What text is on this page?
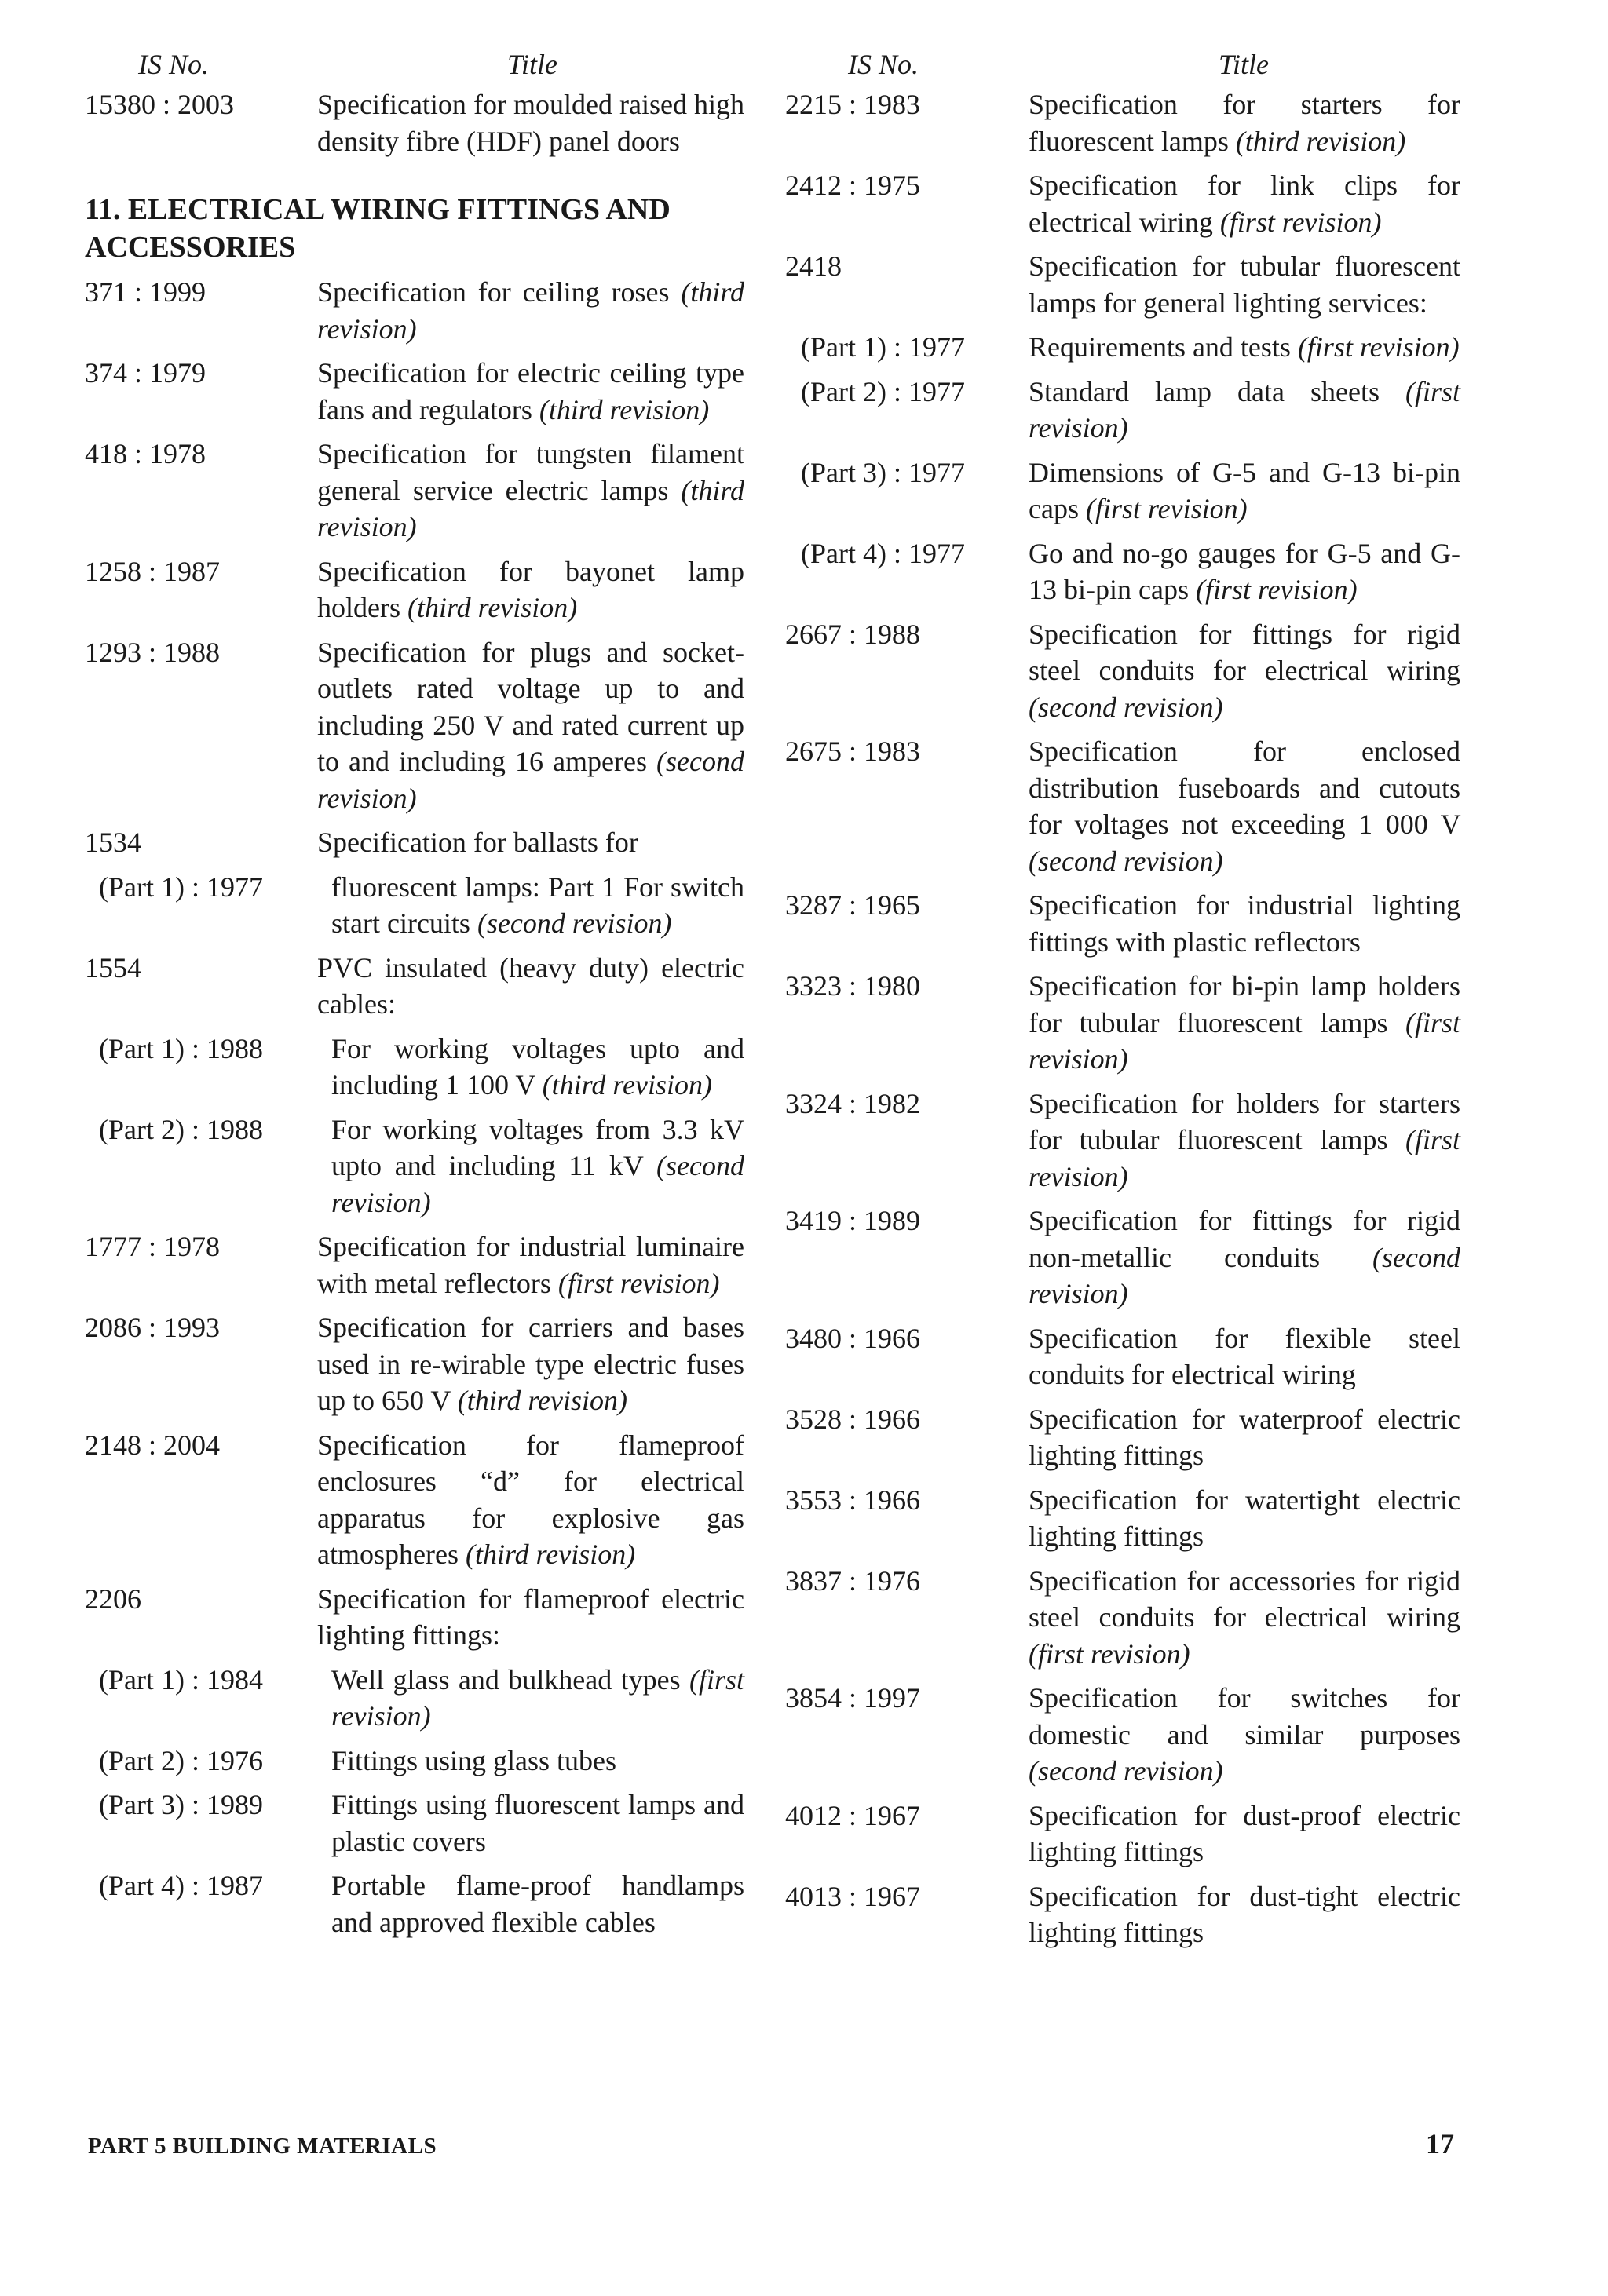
IS No.	Title
15380 : 2003	Specification for moulded raised high density fibre (HDF) panel doors
11. ELECTRICAL WIRING FITTINGS AND ACCESSORIES
371 : 1999	Specification for ceiling roses (third revision)
374 : 1979	Specification for electric ceiling type fans and regulators (third revision)
418 : 1978	Specification for tungsten filament general service electric lamps (third revision)
1258 : 1987	Specification for bayonet lamp holders (third revision)
1293 : 1988	Specification for plugs and socket-outlets rated voltage up to and including 250 V and rated current up to and including 16 amperes (second revision)
1534	Specification for ballasts for
(Part 1) : 1977	fluorescent lamps: Part 1 For switch start circuits (second revision)
1554	PVC insulated (heavy duty) electric cables:
(Part 1) : 1988	For working voltages upto and including 1 100 V (third revision)
(Part 2) : 1988	For working voltages from 3.3 kV upto and including 11 kV (second revision)
1777 : 1978	Specification for industrial luminaire with metal reflectors (first revision)
2086 : 1993	Specification for carriers and bases used in re-wirable type electric fuses up to 650 V (third revision)
2148 : 2004	Specification for flameproof enclosures “d” for electrical apparatus for explosive gas atmospheres (third revision)
2206	Specification for flameproof electric lighting fittings:
(Part 1) : 1984	Well glass and bulkhead types (first revision)
(Part 2) : 1976	Fittings using glass tubes
(Part 3) : 1989	Fittings using fluorescent lamps and plastic covers
(Part 4) : 1987	Portable flame-proof handlamps and approved flexible cables
IS No.	Title
2215 : 1983	Specification for starters for fluorescent lamps (third revision)
2412 : 1975	Specification for link clips for electrical wiring (first revision)
2418	Specification for tubular fluorescent lamps for general lighting services:
(Part 1) : 1977	Requirements and tests (first revision)
(Part 2) : 1977	Standard lamp data sheets (first revision)
(Part 3) : 1977	Dimensions of G-5 and G-13 bi-pin caps (first revision)
(Part 4) : 1977	Go and no-go gauges for G-5 and G-13 bi-pin caps (first revision)
2667 : 1988	Specification for fittings for rigid steel conduits for electrical wiring (second revision)
2675 : 1983	Specification for enclosed distribution fuseboards and cutouts for voltages not exceeding 1 000 V (second revision)
3287 : 1965	Specification for industrial lighting fittings with plastic reflectors
3323 : 1980	Specification for bi-pin lamp holders for tubular fluorescent lamps (first revision)
3324 : 1982	Specification for holders for starters for tubular fluorescent lamps (first revision)
3419 : 1989	Specification for fittings for rigid non-metallic conduits (second revision)
3480 : 1966	Specification for flexible steel conduits for electrical wiring
3528 : 1966	Specification for waterproof electric lighting fittings
3553 : 1966	Specification for watertight electric lighting fittings
3837 : 1976	Specification for accessories for rigid steel conduits for electrical wiring (first revision)
3854 : 1997	Specification for switches for domestic and similar purposes (second revision)
4012 : 1967	Specification for dust-proof electric lighting fittings
4013 : 1967	Specification for dust-tight electric lighting fittings
PART 5 BUILDING MATERIALS	17
